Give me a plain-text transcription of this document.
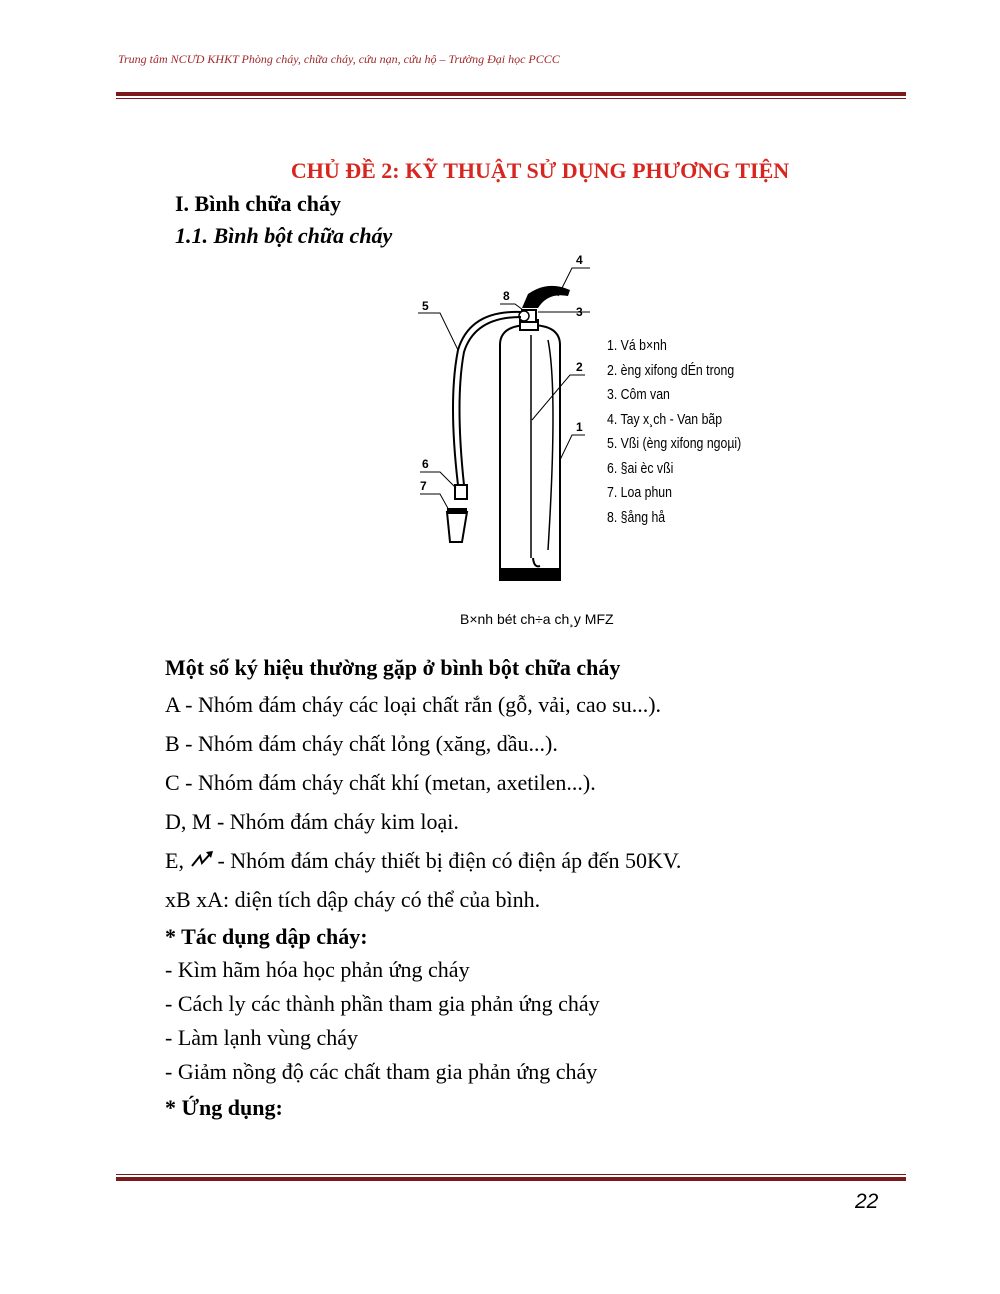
Trung tâm NCƯD KHKT Phòng cháy, chữa cháy, cứu nạn, cứu hộ – Trường Đại học PCCC
CHỦ ĐỀ 2: KỸ THUẬT SỬ DỤNG PHƯƠNG TIỆN
I. Bình chữa cháy
1.1. Bình bột chữa cháy
5
6
7
8
3
4
2
1
1. Vá b×nh
2. èng xifong dÉn trong
3. Côm van
4. Tay x¸ch - Van bãp
5. Vßi (èng xifong ngoµi)
6. §ai èc vßi
7. Loa phun
8. §ång hå
B×nh bét ch÷a ch¸y MFZ
Một số ký hiệu thường gặp ở bình bột chữa cháy
A - Nhóm đám cháy các loại chất rắn (gỗ, vải, cao su...).
B - Nhóm đám cháy chất lỏng (xăng, dầu...).
C - Nhóm đám cháy chất khí (metan, axetilen...).
D, M - Nhóm đám cháy kim loại.
E, - Nhóm đám cháy thiết bị điện có điện áp đến 50KV.
xB xA: diện tích dập cháy có thể của bình.
* Tác dụng dập cháy:
- Kìm hãm hóa học phản ứng cháy
- Cách ly các thành phần tham gia phản ứng cháy
- Làm lạnh vùng cháy
- Giảm nồng độ các chất tham gia phản ứng cháy
* Ứng dụng:
22
